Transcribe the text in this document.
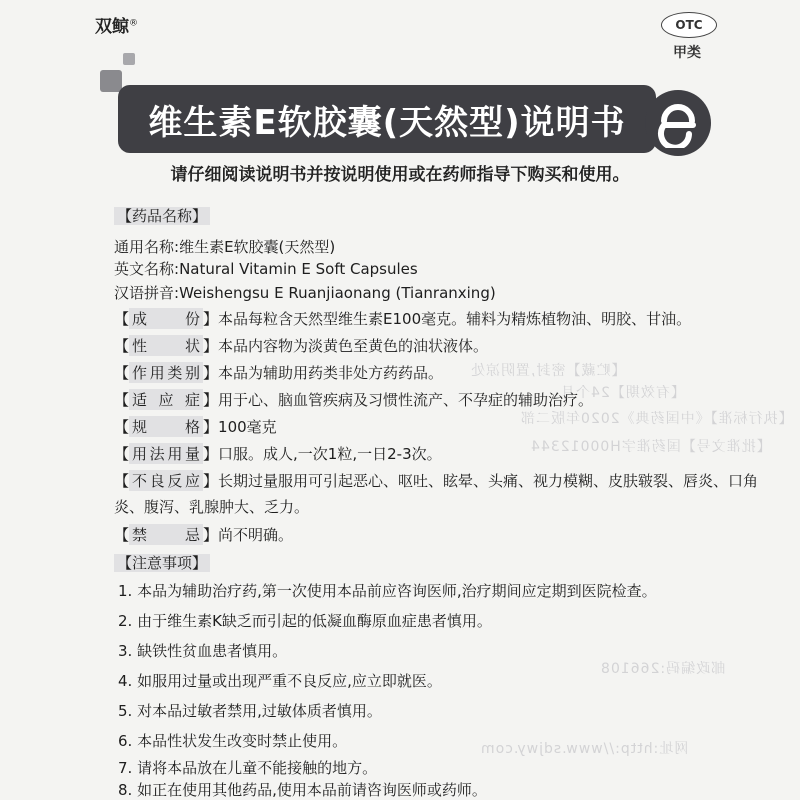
【贮藏】密封,置阴凉处
【有效期】24个月
【执行标准】《中国药典》2020年版二部
【批准文号】国药准字H00012344
网址:http://www.sdjwy.com
邮政编码:266108
双鲸®	OTC
甲类
维生素E软胶囊(天然型)说明书
请仔细阅读说明书并按说明使用或在药师指导下购买和使用。
【药品名称】
通用名称:维生素E软胶囊(天然型)
英文名称:Natural Vitamin E Soft Capsules
汉语拼音:Weishengsu E Ruanjiaonang (Tianranxing)
【 成　　份 】本品每粒含天然型维生素E100毫克。辅料为精炼植物油、明胶、甘油。
【 性　　状 】本品内容物为淡黄色至黄色的油状液体。
【 作用类别 】本品为辅助用药类非处方药药品。
【 适 应 症 】用于心、脑血管疾病及习惯性流产、不孕症的辅助治疗。
【 规　　格 】100毫克
【 用法用量 】口服。成人,一次1粒,一日2-3次。
【 不良反应 】长期过量服用可引起恶心、呕吐、眩晕、头痛、视力模糊、皮肤皲裂、唇炎、口角
炎、腹泻、乳腺肿大、乏力。
【 禁　　忌 】尚不明确。
【注意事项】
1. 本品为辅助治疗药,第一次使用本品前应咨询医师,治疗期间应定期到医院检查。
2. 由于维生素K缺乏而引起的低凝血酶原血症患者慎用。
3. 缺铁性贫血患者慎用。
4. 如服用过量或出现严重不良反应,应立即就医。
5. 对本品过敏者禁用,过敏体质者慎用。
6. 本品性状发生改变时禁止使用。
7. 请将本品放在儿童不能接触的地方。
8. 如正在使用其他药品,使用本品前请咨询医师或药师。
